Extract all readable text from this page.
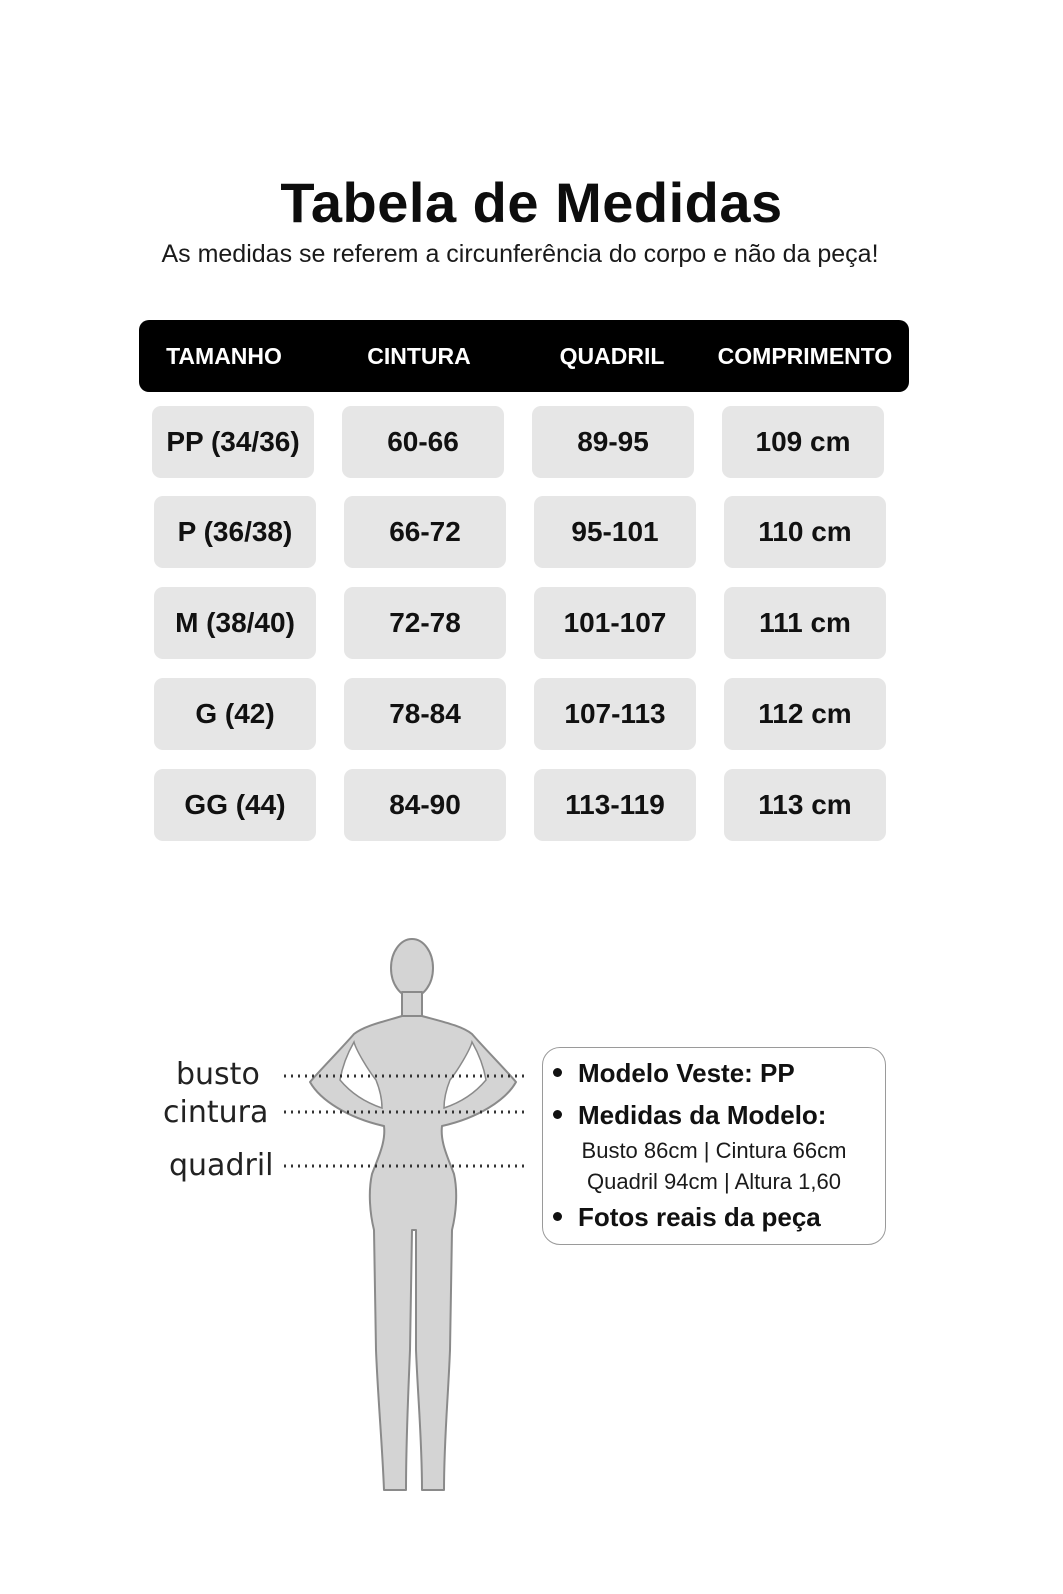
Tabela de Medidas
As medidas se referem a circunferência do corpo e não da peça!
TAMANHO	CINTURA	QUADRIL	COMPRIMENTO
PP (34/36)	60-66	89-95	109 cm
P (36/38)	66-72	95-101	110 cm
M (38/40)	72-78	101-107	111 cm
G (42)	78-84	107-113	112 cm
GG (44)	84-90	113-119	113 cm
busto
cintura
quadril
Modelo Veste: PP
Medidas da Modelo:
Busto 86cm | Cintura 66cm
Quadril 94cm | Altura 1,60
Fotos reais da peça
